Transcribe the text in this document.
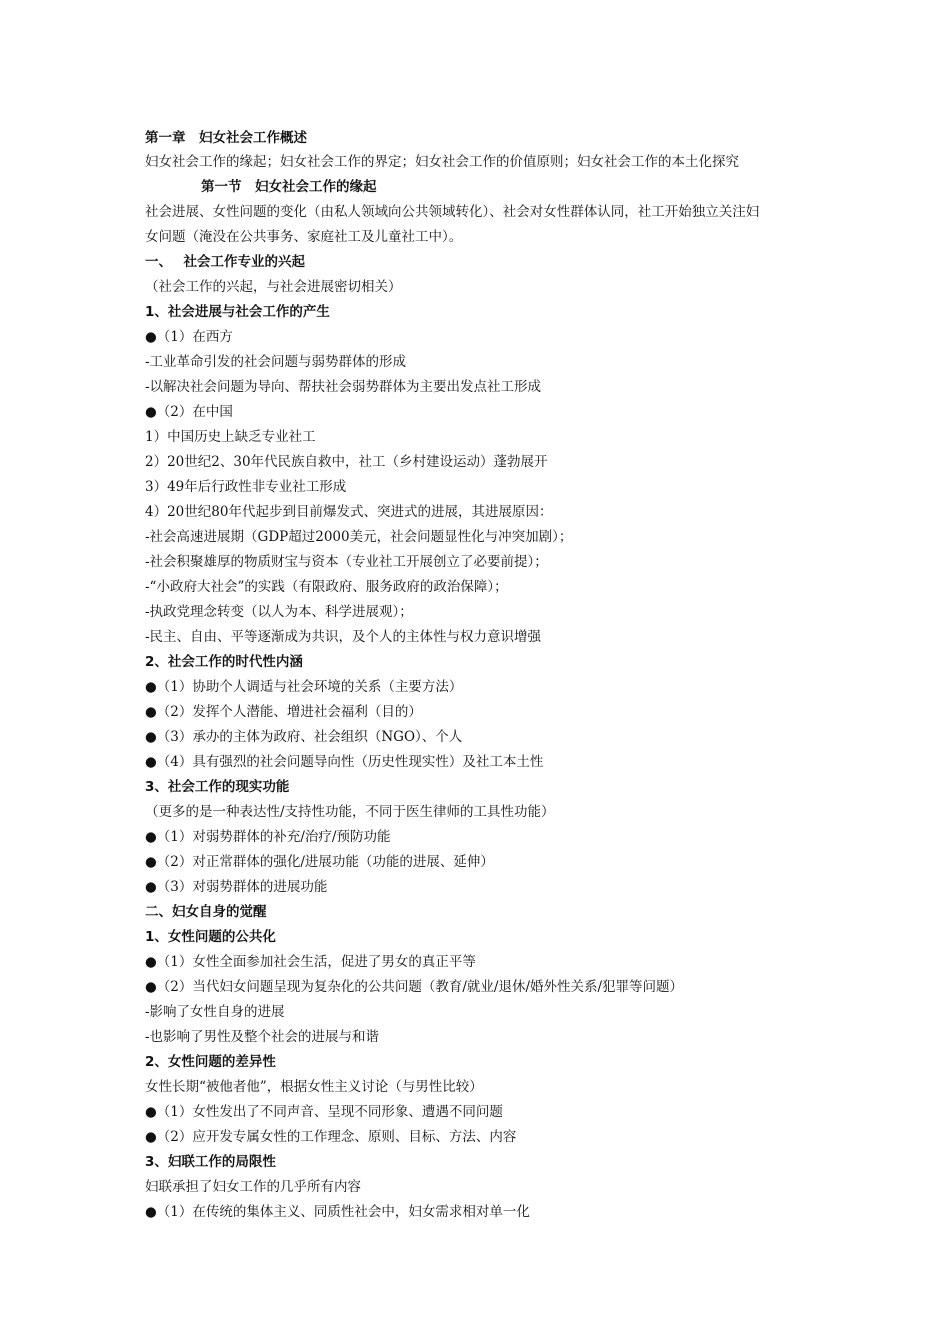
第一章　妇女社会工作概述
妇女社会工作的缘起；妇女社会工作的界定；妇女社会工作的价值原则；妇女社会工作的本土化探究
第一节　妇女社会工作的缘起
社会进展、女性问题的变化（由私人领域向公共领域转化）、社会对女性群体认同，社工开始独立关注妇
女问题（淹没在公共事务、家庭社工及儿童社工中）。
一、　 社会工作专业的兴起
（社会工作的兴起，与社会进展密切相关）
1、社会进展与社会工作的产生
●（1）在西方
-工业革命引发的社会问题与弱势群体的形成
-以解决社会问题为导向、帮扶社会弱势群体为主要出发点社工形成
●（2）在中国
1）中国历史上缺乏专业社工
2）20世纪2、30年代民族自救中，社工（乡村建设运动）蓬勃展开
3）49年后行政性非专业社工形成
4）20世纪80年代起步到目前爆发式、突进式的进展，其进展原因：
-社会高速进展期（GDP超过2000美元，社会问题显性化与冲突加剧）；
-社会积聚雄厚的物质财宝与资本（专业社工开展创立了必要前提）；
-“小政府大社会”的实践（有限政府、服务政府的政治保障）；
-执政党理念转变（以人为本、科学进展观）；
-民主、自由、平等逐渐成为共识，及个人的主体性与权力意识增强
2、社会工作的时代性内涵
●（1）协助个人调适与社会环境的关系（主要方法）
●（2）发挥个人潜能、增进社会福利（目的）
●（3）承办的主体为政府、社会组织（NGO）、个人
●（4）具有强烈的社会问题导向性（历史性现实性）及社工本土性
3、社会工作的现实功能
（更多的是一种表达性/支持性功能，不同于医生律师的工具性功能）
●（1）对弱势群体的补充/治疗/预防功能
●（2）对正常群体的强化/进展功能（功能的进展、延伸）
●（3）对弱势群体的进展功能
二、妇女自身的觉醒
1、女性问题的公共化
●（1）女性全面参加社会生活，促进了男女的真正平等
●（2）当代妇女问题呈现为复杂化的公共问题（教育/就业/退休/婚外性关系/犯罪等问题）
-影响了女性自身的进展
-也影响了男性及整个社会的进展与和谐
2、女性问题的差异性
女性长期“被他者他”，根据女性主义讨论（与男性比较）
●（1）女性发出了不同声音、呈现不同形象、遭遇不同问题
●（2）应开发专属女性的工作理念、原则、目标、方法、内容
3、妇联工作的局限性
妇联承担了妇女工作的几乎所有内容
●（1）在传统的集体主义、同质性社会中，妇女需求相对单一化
